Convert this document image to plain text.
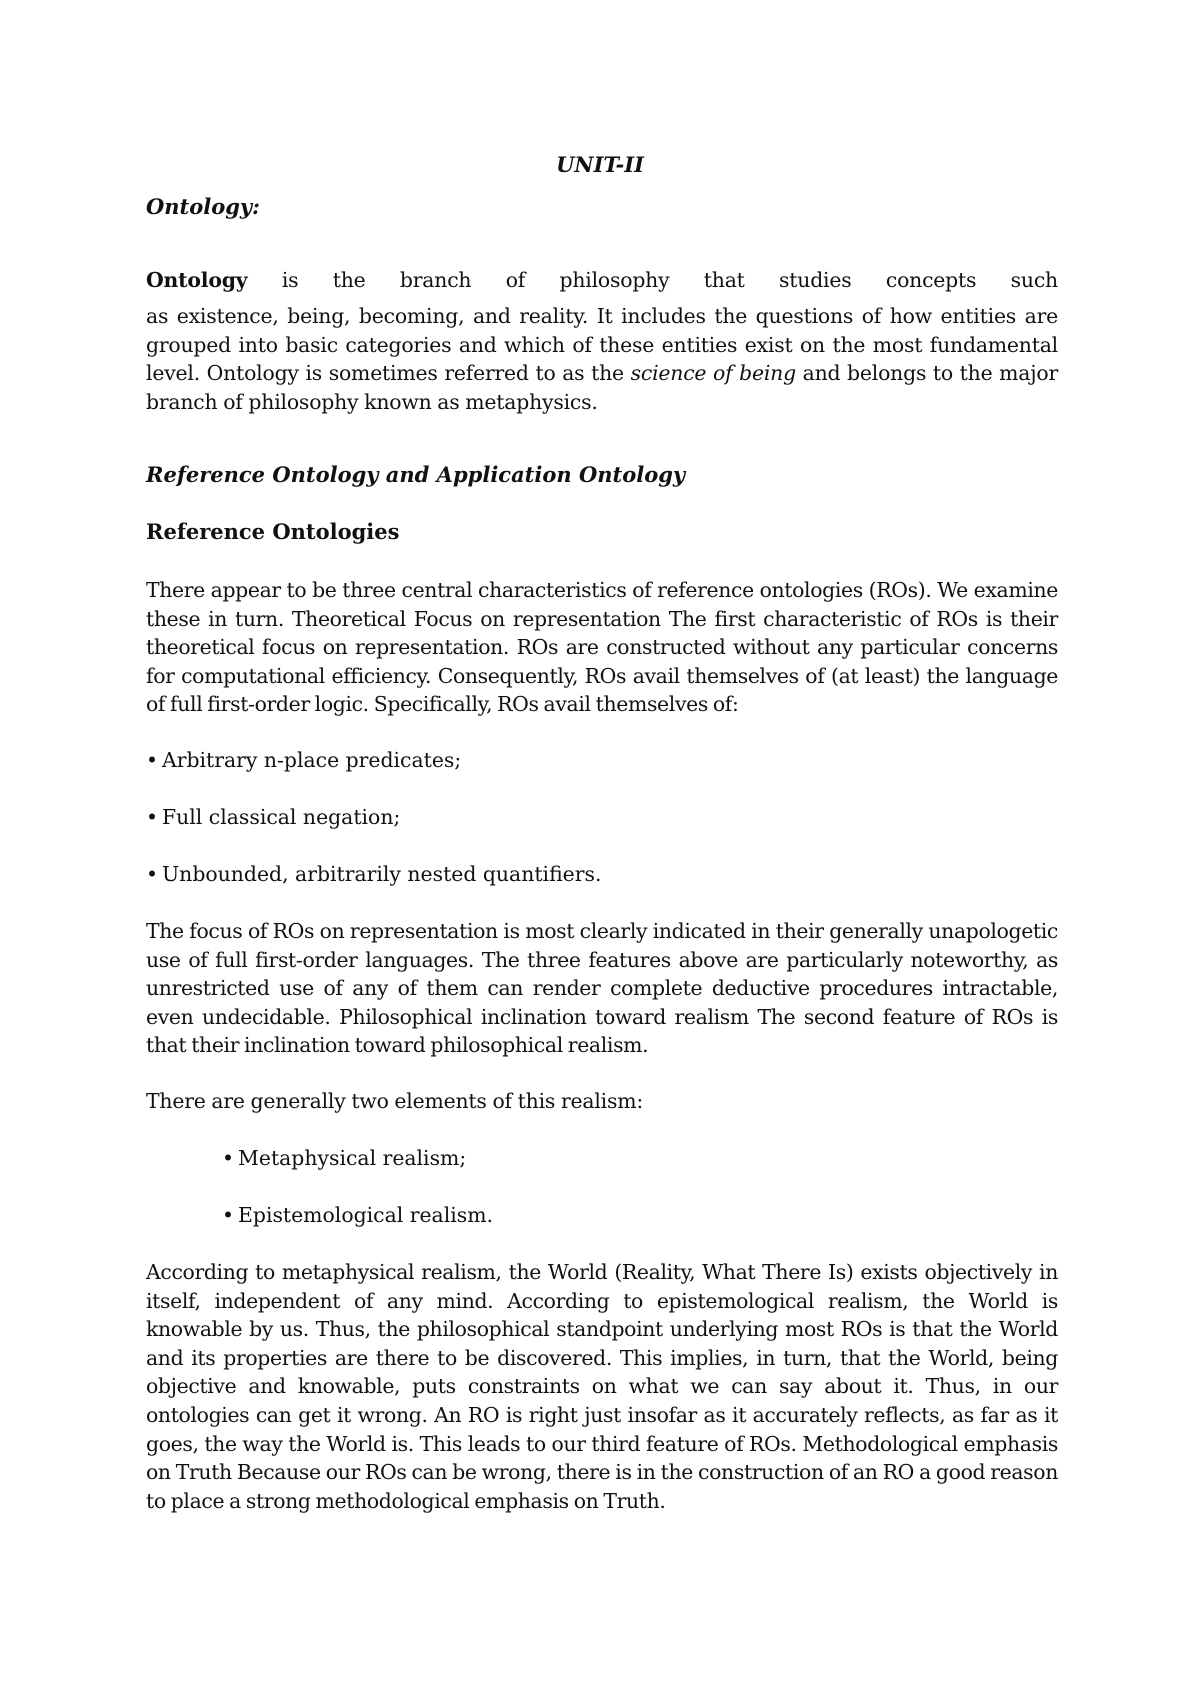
UNIT-II
Ontology:

Ontology is the branch of philosophy that studies concepts such

as existence, being, becoming, and reality. It includes the questions of how entities are grouped into basic categories and which of these entities exist on the most fundamental level. Ontology is sometimes referred to as the science of being and belongs to the major branch of philosophy known as metaphysics.

Reference Ontology and Application Ontology
Reference Ontologies

There appear to be three central characteristics of reference ontologies (ROs). We examine these in turn. Theoretical Focus on representation The first characteristic of ROs is their theoretical focus on representation. ROs are constructed without any particular concerns for computational efficiency. Consequently, ROs avail themselves of (at least) the language of full first-order logic. Specifically, ROs avail themselves of:

• Arbitrary n-place predicates;

• Full classical negation;

• Unbounded, arbitrarily nested quantifiers.

The focus of ROs on representation is most clearly indicated in their generally unapologetic use of full first-order languages. The three features above are particularly noteworthy, as unrestricted use of any of them can render complete deductive procedures intractable, even undecidable. Philosophical inclination toward realism The second feature of ROs is that their inclination toward philosophical realism.

There are generally two elements of this realism:

• Metaphysical realism;

• Epistemological realism.

According to metaphysical realism, the World (Reality, What There Is) exists objectively in itself, independent of any mind. According to epistemological realism, the World is knowable by us. Thus, the philosophical standpoint underlying most ROs is that the World and its properties are there to be discovered. This implies, in turn, that the World, being objective and knowable, puts constraints on what we can say about it. Thus, in our ontologies can get it wrong. An RO is right just insofar as it accurately reflects, as far as it goes, the way the World is. This leads to our third feature of ROs. Methodological emphasis on Truth Because our ROs can be wrong, there is in the construction of an RO a good reason to place a strong methodological emphasis on Truth.
